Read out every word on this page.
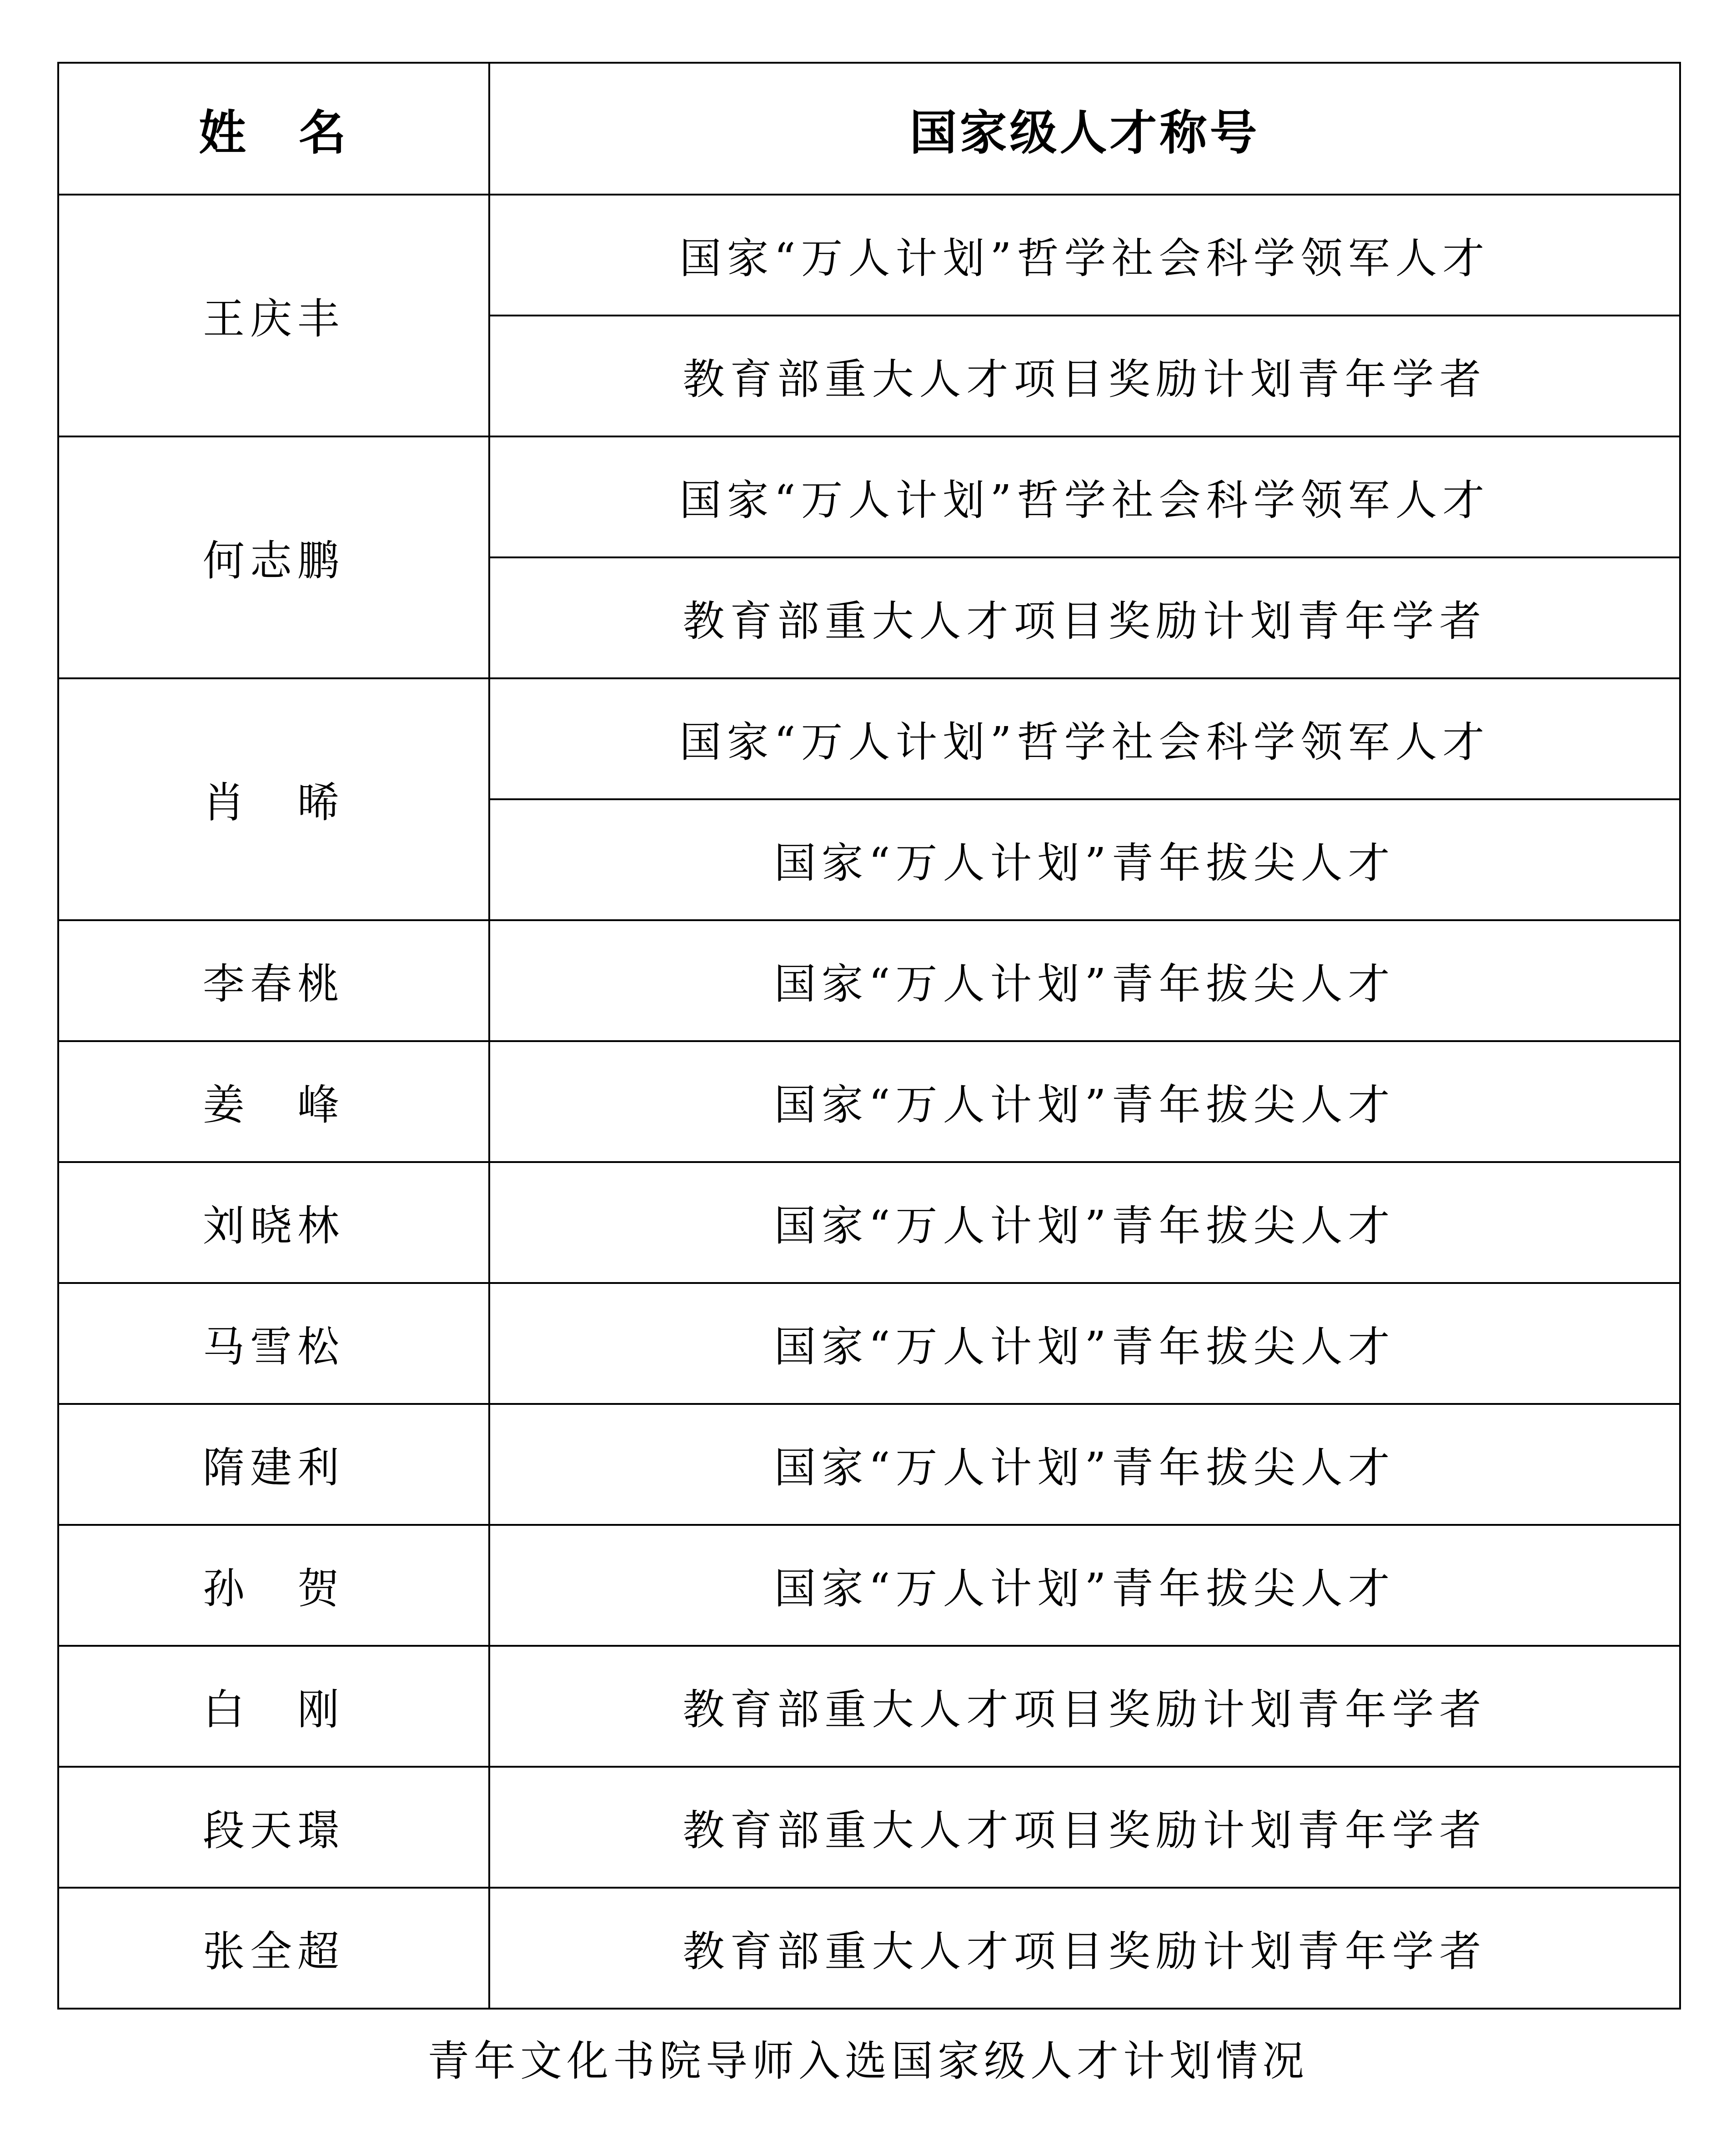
姓　名	国家级人才称号
王庆丰	国家“万人计划”哲学社会科学领军人才
	教育部重大人才项目奖励计划青年学者
何志鹏	国家“万人计划”哲学社会科学领军人才
	教育部重大人才项目奖励计划青年学者
肖　晞	国家“万人计划”哲学社会科学领军人才
	国家“万人计划”青年拔尖人才
李春桃	国家“万人计划”青年拔尖人才
姜　峰	国家“万人计划”青年拔尖人才
刘晓林	国家“万人计划”青年拔尖人才
马雪松	国家“万人计划”青年拔尖人才
隋建利	国家“万人计划”青年拔尖人才
孙　贺	国家“万人计划”青年拔尖人才
白　刚	教育部重大人才项目奖励计划青年学者
段天璟	教育部重大人才项目奖励计划青年学者
张全超	教育部重大人才项目奖励计划青年学者
青年文化书院导师入选国家级人才计划情况
